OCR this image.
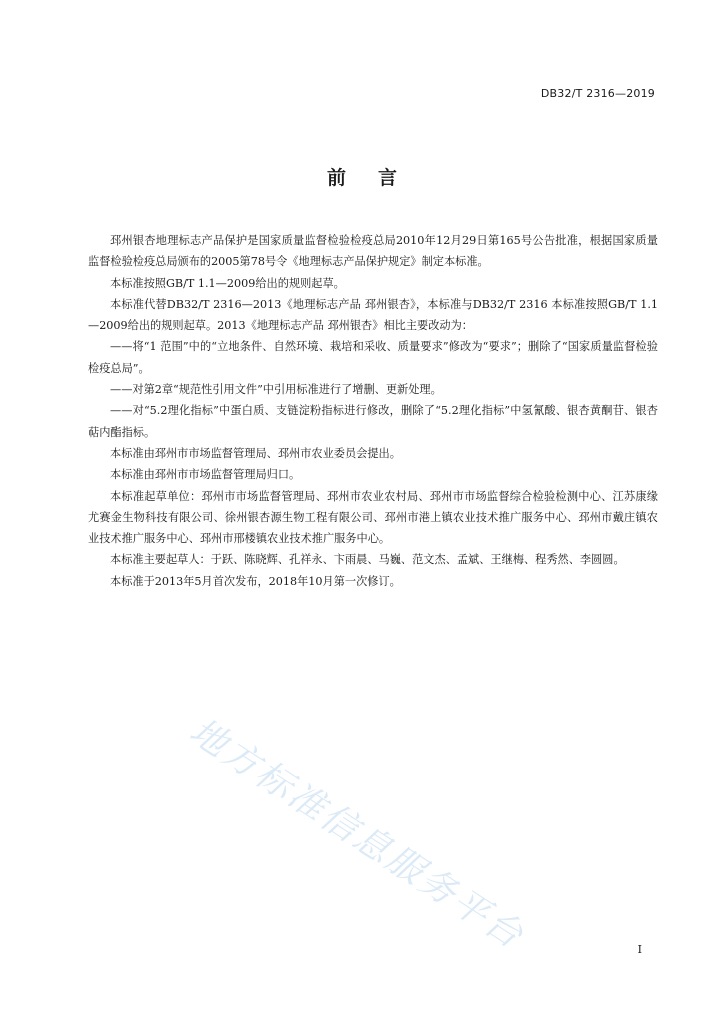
DB32/T 2316—2019
前言

邳州银杏地理标志产品保护是国家质量监督检验检疫总局2010年12月29日第165号公告批准，根据国家质量监督检验检疫总局颁布的2005第78号令《地理标志产品保护规定》制定本标准。

本标准按照GB/T 1.1—2009给出的规则起草。

本标准代替DB32/T 2316—2013《地理标志产品 邳州银杏》，本标准与DB32/T 2316 本标准按照GB/T 1.1—2009给出的规则起草。2013《地理标志产品 邳州银杏》相比主要改动为：

——将“1 范围”中的“立地条件、自然环境、栽培和采收、质量要求”修改为“要求”；删除了“国家质量监督检验检疫总局”。

——对第2章“规范性引用文件”中引用标准进行了增删、更新处理。

——对“5.2理化指标”中蛋白质、支链淀粉指标进行修改，删除了“5.2理化指标”中氢氰酸、银杏黄酮苷、银杏萜内酯指标。

本标准由邳州市市场监督管理局、邳州市农业委员会提出。

本标准由邳州市市场监督管理局归口。

本标准起草单位：邳州市市场监督管理局、邳州市农业农村局、邳州市市场监督综合检验检测中心、江苏康缘尤赛金生物科技有限公司、徐州银杏源生物工程有限公司、邳州市港上镇农业技术推广服务中心、邳州市戴庄镇农业技术推广服务中心、邳州市邢楼镇农业技术推广服务中心。

本标准主要起草人：于跃、陈晓辉、孔祥永、卞雨晨、马巍、范文杰、孟斌、王继梅、程秀然、李圆圆。

本标准于2013年5月首次发布，2018年10月第一次修订。

地方标准信息服务平台	I
